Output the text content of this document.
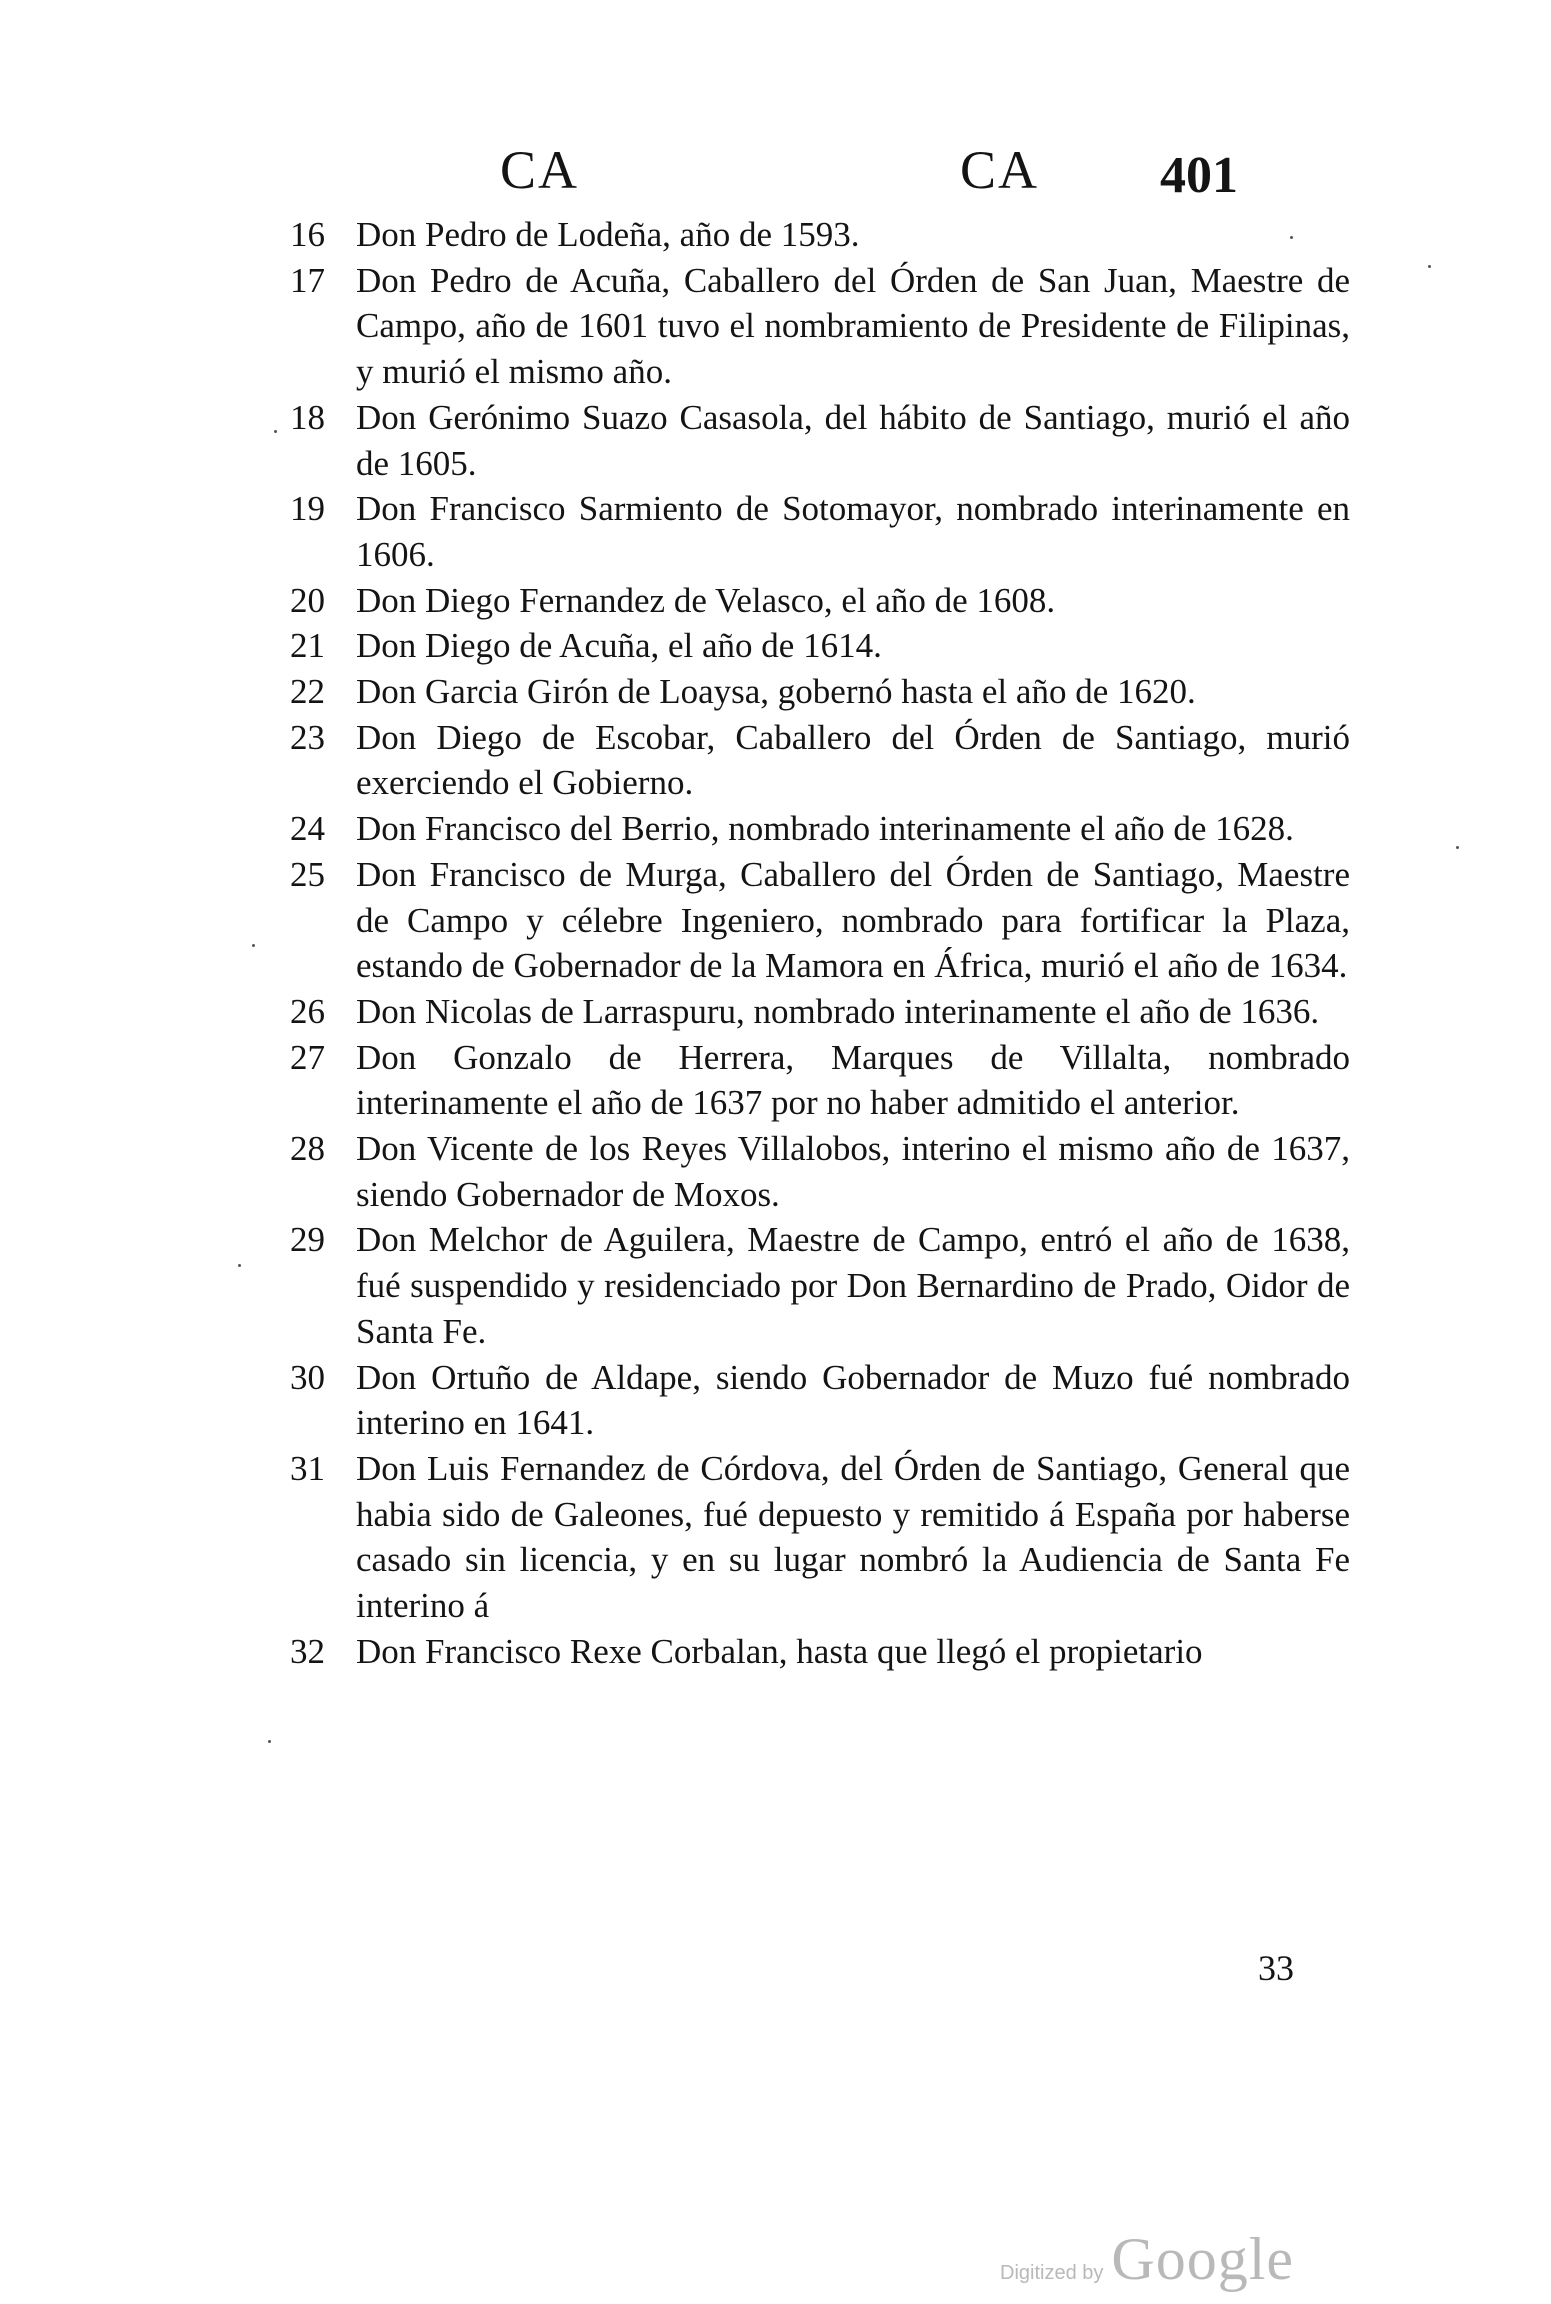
CA	CA 401
16 Don Pedro de Lodeña, año de 1593.
17 Don Pedro de Acuña, Caballero del Órden de San Juan, Maestre de Campo, año de 1601 tuvo el nombramiento de Presidente de Filipinas, y murió el mismo año.
18 Don Gerónimo Suazo Casasola, del hábito de Santiago, murió el año de 1605.
19 Don Francisco Sarmiento de Sotomayor, nombrado interinamente en 1606.
20 Don Diego Fernandez de Velasco, el año de 1608.
21 Don Diego de Acuña, el año de 1614.
22 Don Garcia Girón de Loaysa, gobernó hasta el año de 1620.
23 Don Diego de Escobar, Caballero del Órden de Santiago, murió exerciendo el Gobierno.
24 Don Francisco del Berrio, nombrado interinamente el año de 1628.
25 Don Francisco de Murga, Caballero del Órden de Santiago, Maestre de Campo y célebre Ingeniero, nombrado para fortificar la Plaza, estando de Gobernador de la Mamora en África, murió el año de 1634.
26 Don Nicolas de Larraspuru, nombrado interinamente el año de 1636.
27 Don Gonzalo de Herrera, Marques de Villalta, nombrado interinamente el año de 1637 por no haber admitido el anterior.
28 Don Vicente de los Reyes Villalobos, interino el mismo año de 1637, siendo Gobernador de Moxos.
29 Don Melchor de Aguilera, Maestre de Campo, entró el año de 1638, fué suspendido y residenciado por Don Bernardino de Prado, Oidor de Santa Fe.
30 Don Ortuño de Aldape, siendo Gobernador de Muzo fué nombrado interino en 1641.
31 Don Luis Fernandez de Córdova, del Órden de Santiago, General que habia sido de Galeones, fué depuesto y remitido á España por haberse casado sin licencia, y en su lugar nombró la Audiencia de Santa Fe interino á
32 Don Francisco Rexe Corbalan, hasta que llegó el propietario
33
Digitized by Google
